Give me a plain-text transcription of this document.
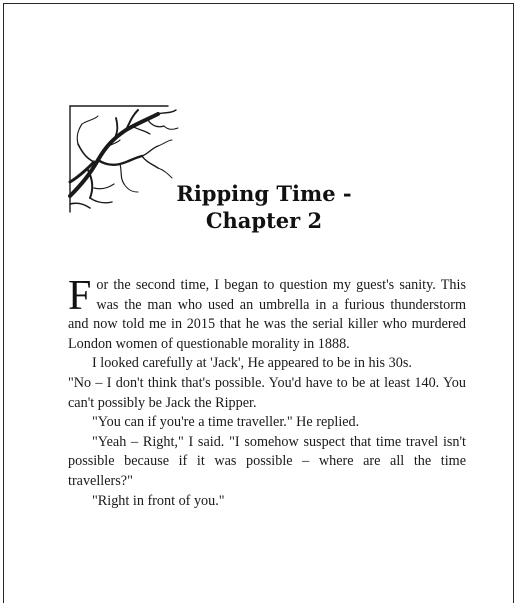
Ripping Time -
Chapter 2

For the second time, I began to question my guest's sanity. This was the man who used an umbrella in a furious thunderstorm and now told me in 2015 that he was the serial killer who murdered London women of questionable morality in 1888.

I looked carefully at 'Jack', He appeared to be in his 30s.

"No – I don't think that's possible. You'd have to be at least 140. You can't possibly be Jack the Ripper.

"You can if you're a time traveller." He replied.

"Yeah – Right," I said. "I somehow suspect that time travel isn't possible because if it was possible – where are all the time travellers?"

"Right in front of you."
